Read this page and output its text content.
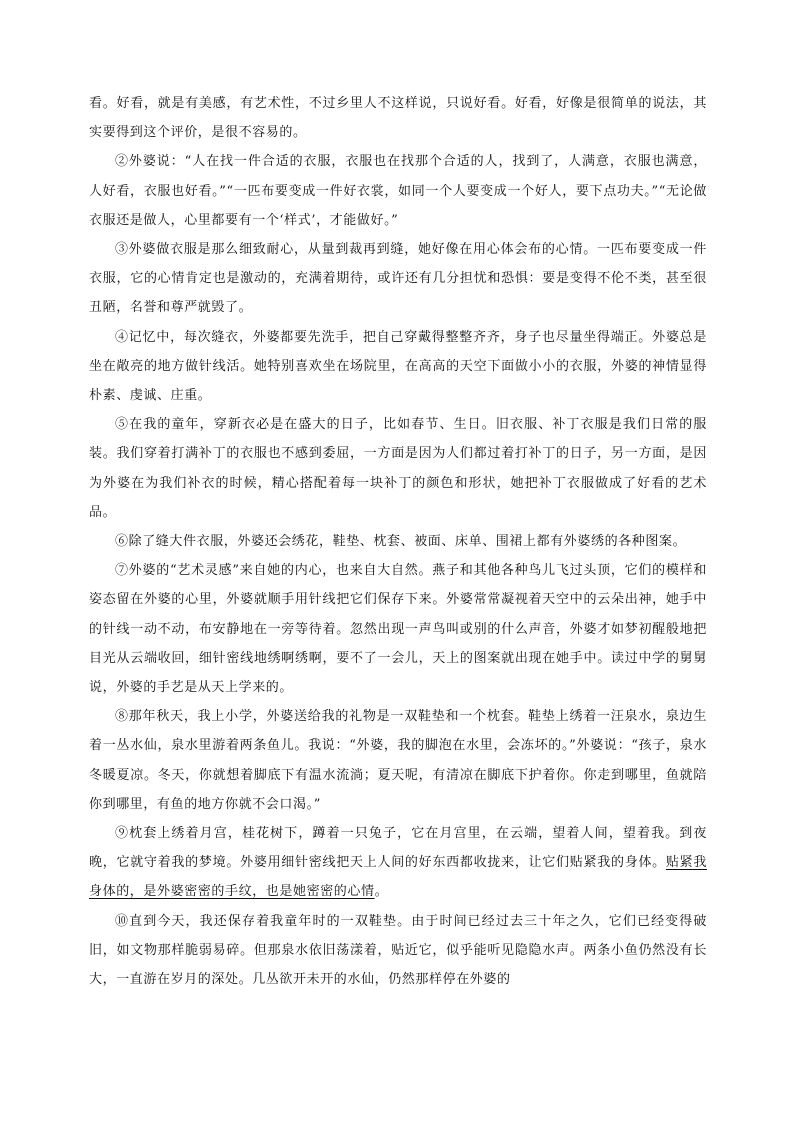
看。好看，就是有美感，有艺术性，不过乡里人不这样说，只说好看。好看，好像是很简单的说法，其实要得到这个评价，是很不容易的。

②外婆说：“人在找一件合适的衣服，衣服也在找那个合适的人，找到了，人满意，衣服也满意，人好看，衣服也好看。”“一匹布要变成一件好衣裳，如同一个人要变成一个好人，要下点功夫。”“无论做衣服还是做人，心里都要有一个‘样式’，才能做好。”

③外婆做衣服是那么细致耐心，从量到裁再到缝，她好像在用心体会布的心情。一匹布要变成一件衣服，它的心情肯定也是激动的，充满着期待，或许还有几分担忧和恐惧：要是变得不伦不类，甚至很丑陋，名誉和尊严就毁了。

④记忆中，每次缝衣，外婆都要先洗手，把自己穿戴得整整齐齐，身子也尽量坐得端正。外婆总是坐在敞亮的地方做针线活。她特别喜欢坐在场院里，在高高的天空下面做小小的衣服，外婆的神情显得朴素、虔诚、庄重。

⑤在我的童年，穿新衣必是在盛大的日子，比如春节、生日。旧衣服、补丁衣服是我们日常的服装。我们穿着打满补丁的衣服也不感到委屈，一方面是因为人们都过着打补丁的日子，另一方面，是因为外婆在为我们补衣的时候，精心搭配着每一块补丁的颜色和形状，她把补丁衣服做成了好看的艺术品。

⑥除了缝大件衣服，外婆还会绣花，鞋垫、枕套、被面、床单、围裙上都有外婆绣的各种图案。

⑦外婆的“艺术灵感”来自她的内心，也来自大自然。燕子和其他各种鸟儿飞过头顶，它们的模样和姿态留在外婆的心里，外婆就顺手用针线把它们保存下来。外婆常常凝视着天空中的云朵出神，她手中的针线一动不动，布安静地在一旁等待着。忽然出现一声鸟叫或别的什么声音，外婆才如梦初醒般地把目光从云端收回，细针密线地绣啊绣啊，要不了一会儿，天上的图案就出现在她手中。读过中学的舅舅说，外婆的手艺是从天上学来的。

⑧那年秋天，我上小学，外婆送给我的礼物是一双鞋垫和一个枕套。鞋垫上绣着一汪泉水，泉边生着一丛水仙，泉水里游着两条鱼儿。我说：“外婆，我的脚泡在水里，会冻坏的。”外婆说：“孩子，泉水冬暖夏凉。冬天，你就想着脚底下有温水流淌；夏天呢，有清凉在脚底下护着你。你走到哪里，鱼就陪你到哪里，有鱼的地方你就不会口渴。”

⑨枕套上绣着月宫，桂花树下，蹲着一只兔子，它在月宫里，在云端，望着人间，望着我。到夜晚，它就守着我的梦境。外婆用细针密线把天上人间的好东西都收拢来，让它们贴紧我的身体。贴紧我身体的，是外婆密密的手纹，也是她密密的心情。

⑩直到今天，我还保存着我童年时的一双鞋垫。由于时间已经过去三十年之久，它们已经变得破旧，如文物那样脆弱易碎。但那泉水依旧荡漾着，贴近它，似乎能听见隐隐水声。两条小鱼仍然没有长大，一直游在岁月的深处。几丛欲开未开的水仙，仍然那样停在外婆的
